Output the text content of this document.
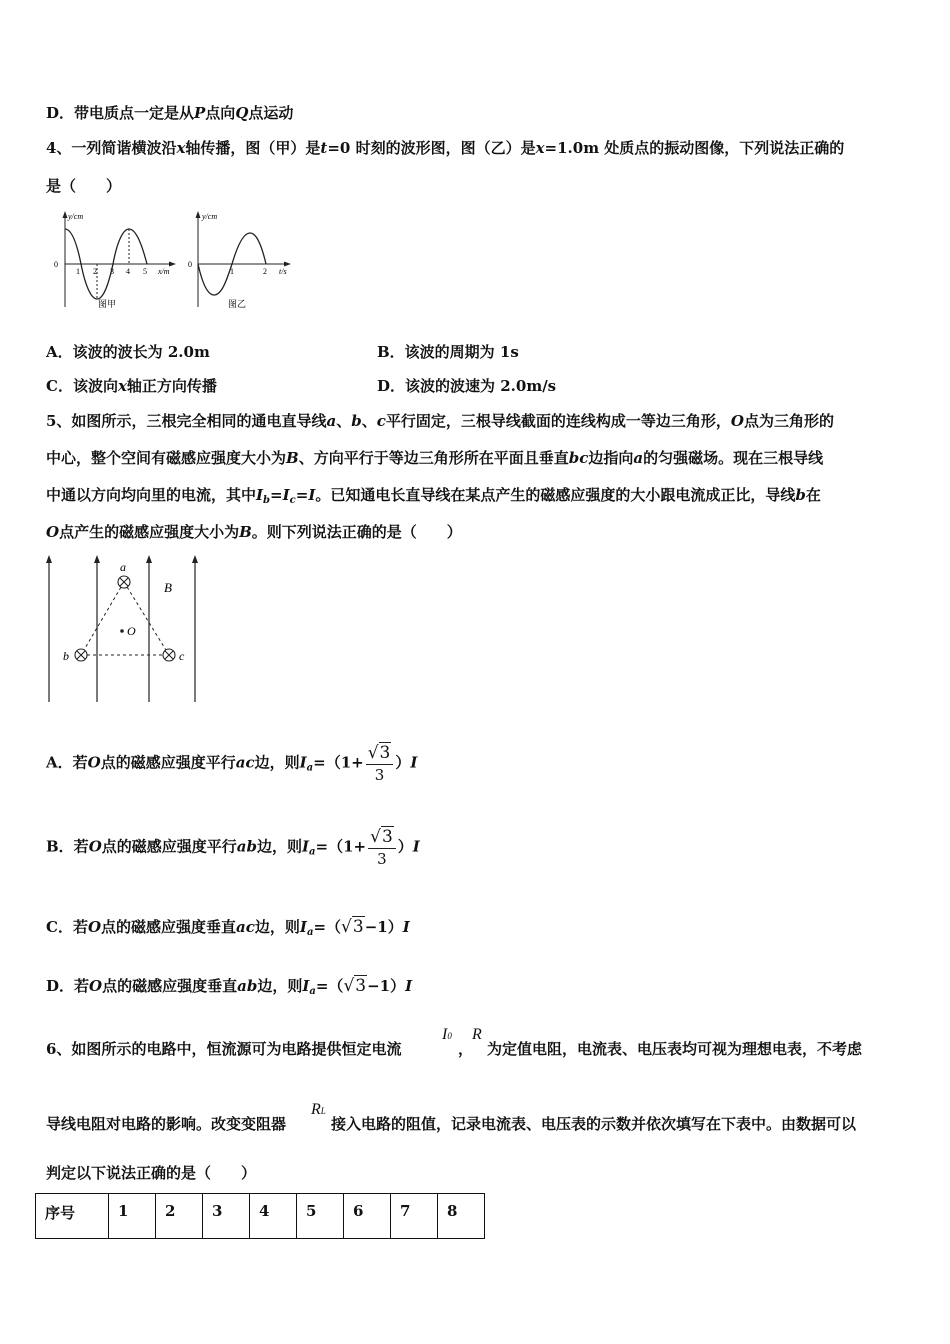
D．带电质点一定是从P点向Q点运动
4、一列简谐横波沿x轴传播，图（甲）是t=0 时刻的波形图，图（乙）是x=1.0m 处质点的振动图像，下列说法正确的
是（　　）
y/cm
0
1 2 3 4 5 x/m
图甲
y/cm
0
1	2 t/s
图乙
A．该波的波长为 2.0m	B．该波的周期为 1s
C．该波向x轴正方向传播	D．该波的波速为 2.0m/s
5、如图所示，三根完全相同的通电直导线a、b、c平行固定，三根导线截面的连线构成一等边三角形，O点为三角形的
中心，整个空间有磁感应强度大小为B、方向平行于等边三角形所在平面且垂直bc边指向a的匀强磁场。现在三根导线
中通以方向均向里的电流，其中$I_b=I_c=I$。已知通电长直导线在某点产生的磁感应强度的大小跟电流成正比，导线b在
O点产生的磁感应强度大小为B。则下列说法正确的是（　　）
a
b	c
O
B
A．若O点的磁感应强度平行ac边，则$I_a=(1+ \frac{√3}{3} )I$
B．若O点的磁感应强度平行ab边，则$I_a=(1+ \frac{√3}{3} )I$
C．若O点的磁感应强度垂直ac边，则$I_a=(√3-1)I$
D．若O点的磁感应强度垂直ab边，则$I_a=(√3-1)I$
6、如图所示的电路中，恒流源可为电路提供恒定电流
I0
，
R
为定值电阻，电流表、电压表均可视为理想电表，不考虑
导线电阻对电路的影响。改变变阻器
RL
接入电路的阻值，记录电流表、电压表的示数并依次填写在下表中。由数据可以
判定以下说法正确的是（　　）
序号	1	2	3	4	5	6	7	8
